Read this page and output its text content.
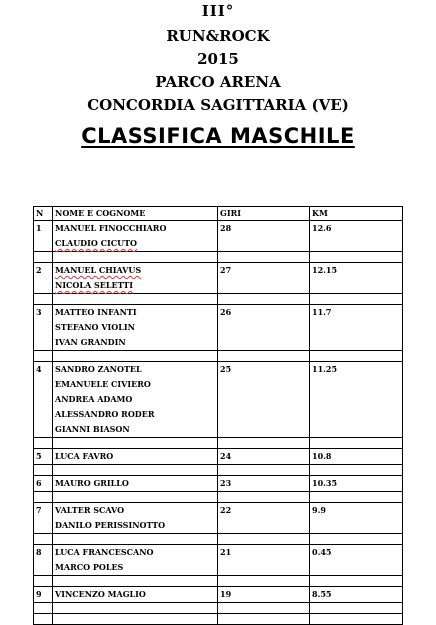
III°
RUN&ROCK
2015
PARCO ARENA
CONCORDIA SAGITTARIA (VE)
CLASSIFICA MASCHILE
N	NOME E COGNOME	GIRI	KM
1	MANUEL FINOCCHIARO
CLAUDIO CICUTO	28	12.6

2	MANUEL CHIAVUS
NICOLA SELETTI	27	12.15

3	MATTEO INFANTI
STEFANO VIOLIN
IVAN GRANDIN	26	11.7

4	SANDRO ZANOTEL
EMANUELE CIVIERO
ANDREA ADAMO
ALESSANDRO RODER
GIANNI BIASON	25	11.25

5	LUCA FAVRO	24	10.8

6	MAURO GRILLO	23	10.35

7	VALTER SCAVO
DANILO PERISSINOTTO	22	9.9

8	LUCA FRANCESCANO
MARCO POLES	21	0.45

9	VINCENZO MAGLIO	19	8.55
